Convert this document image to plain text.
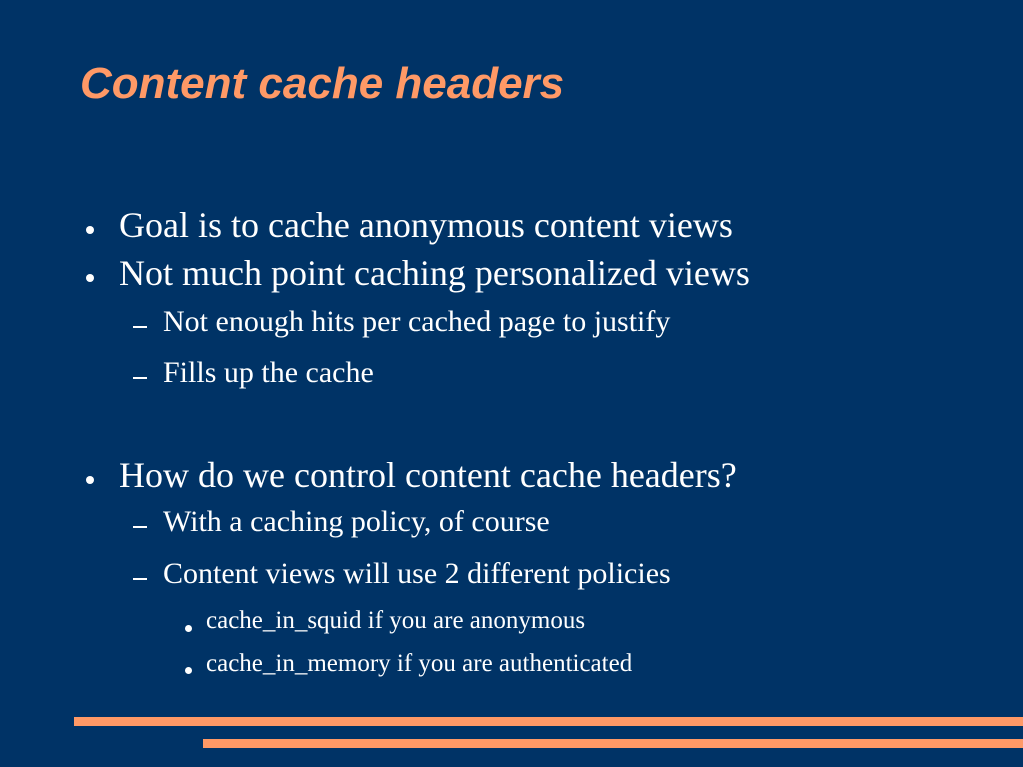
Content cache headers
Goal is to cache anonymous content views
Not much point caching personalized views
Not enough hits per cached page to justify
Fills up the cache
How do we control content cache headers?
With a caching policy, of course
Content views will use 2 different policies
cache_in_squid if you are anonymous
cache_in_memory if you are authenticated
